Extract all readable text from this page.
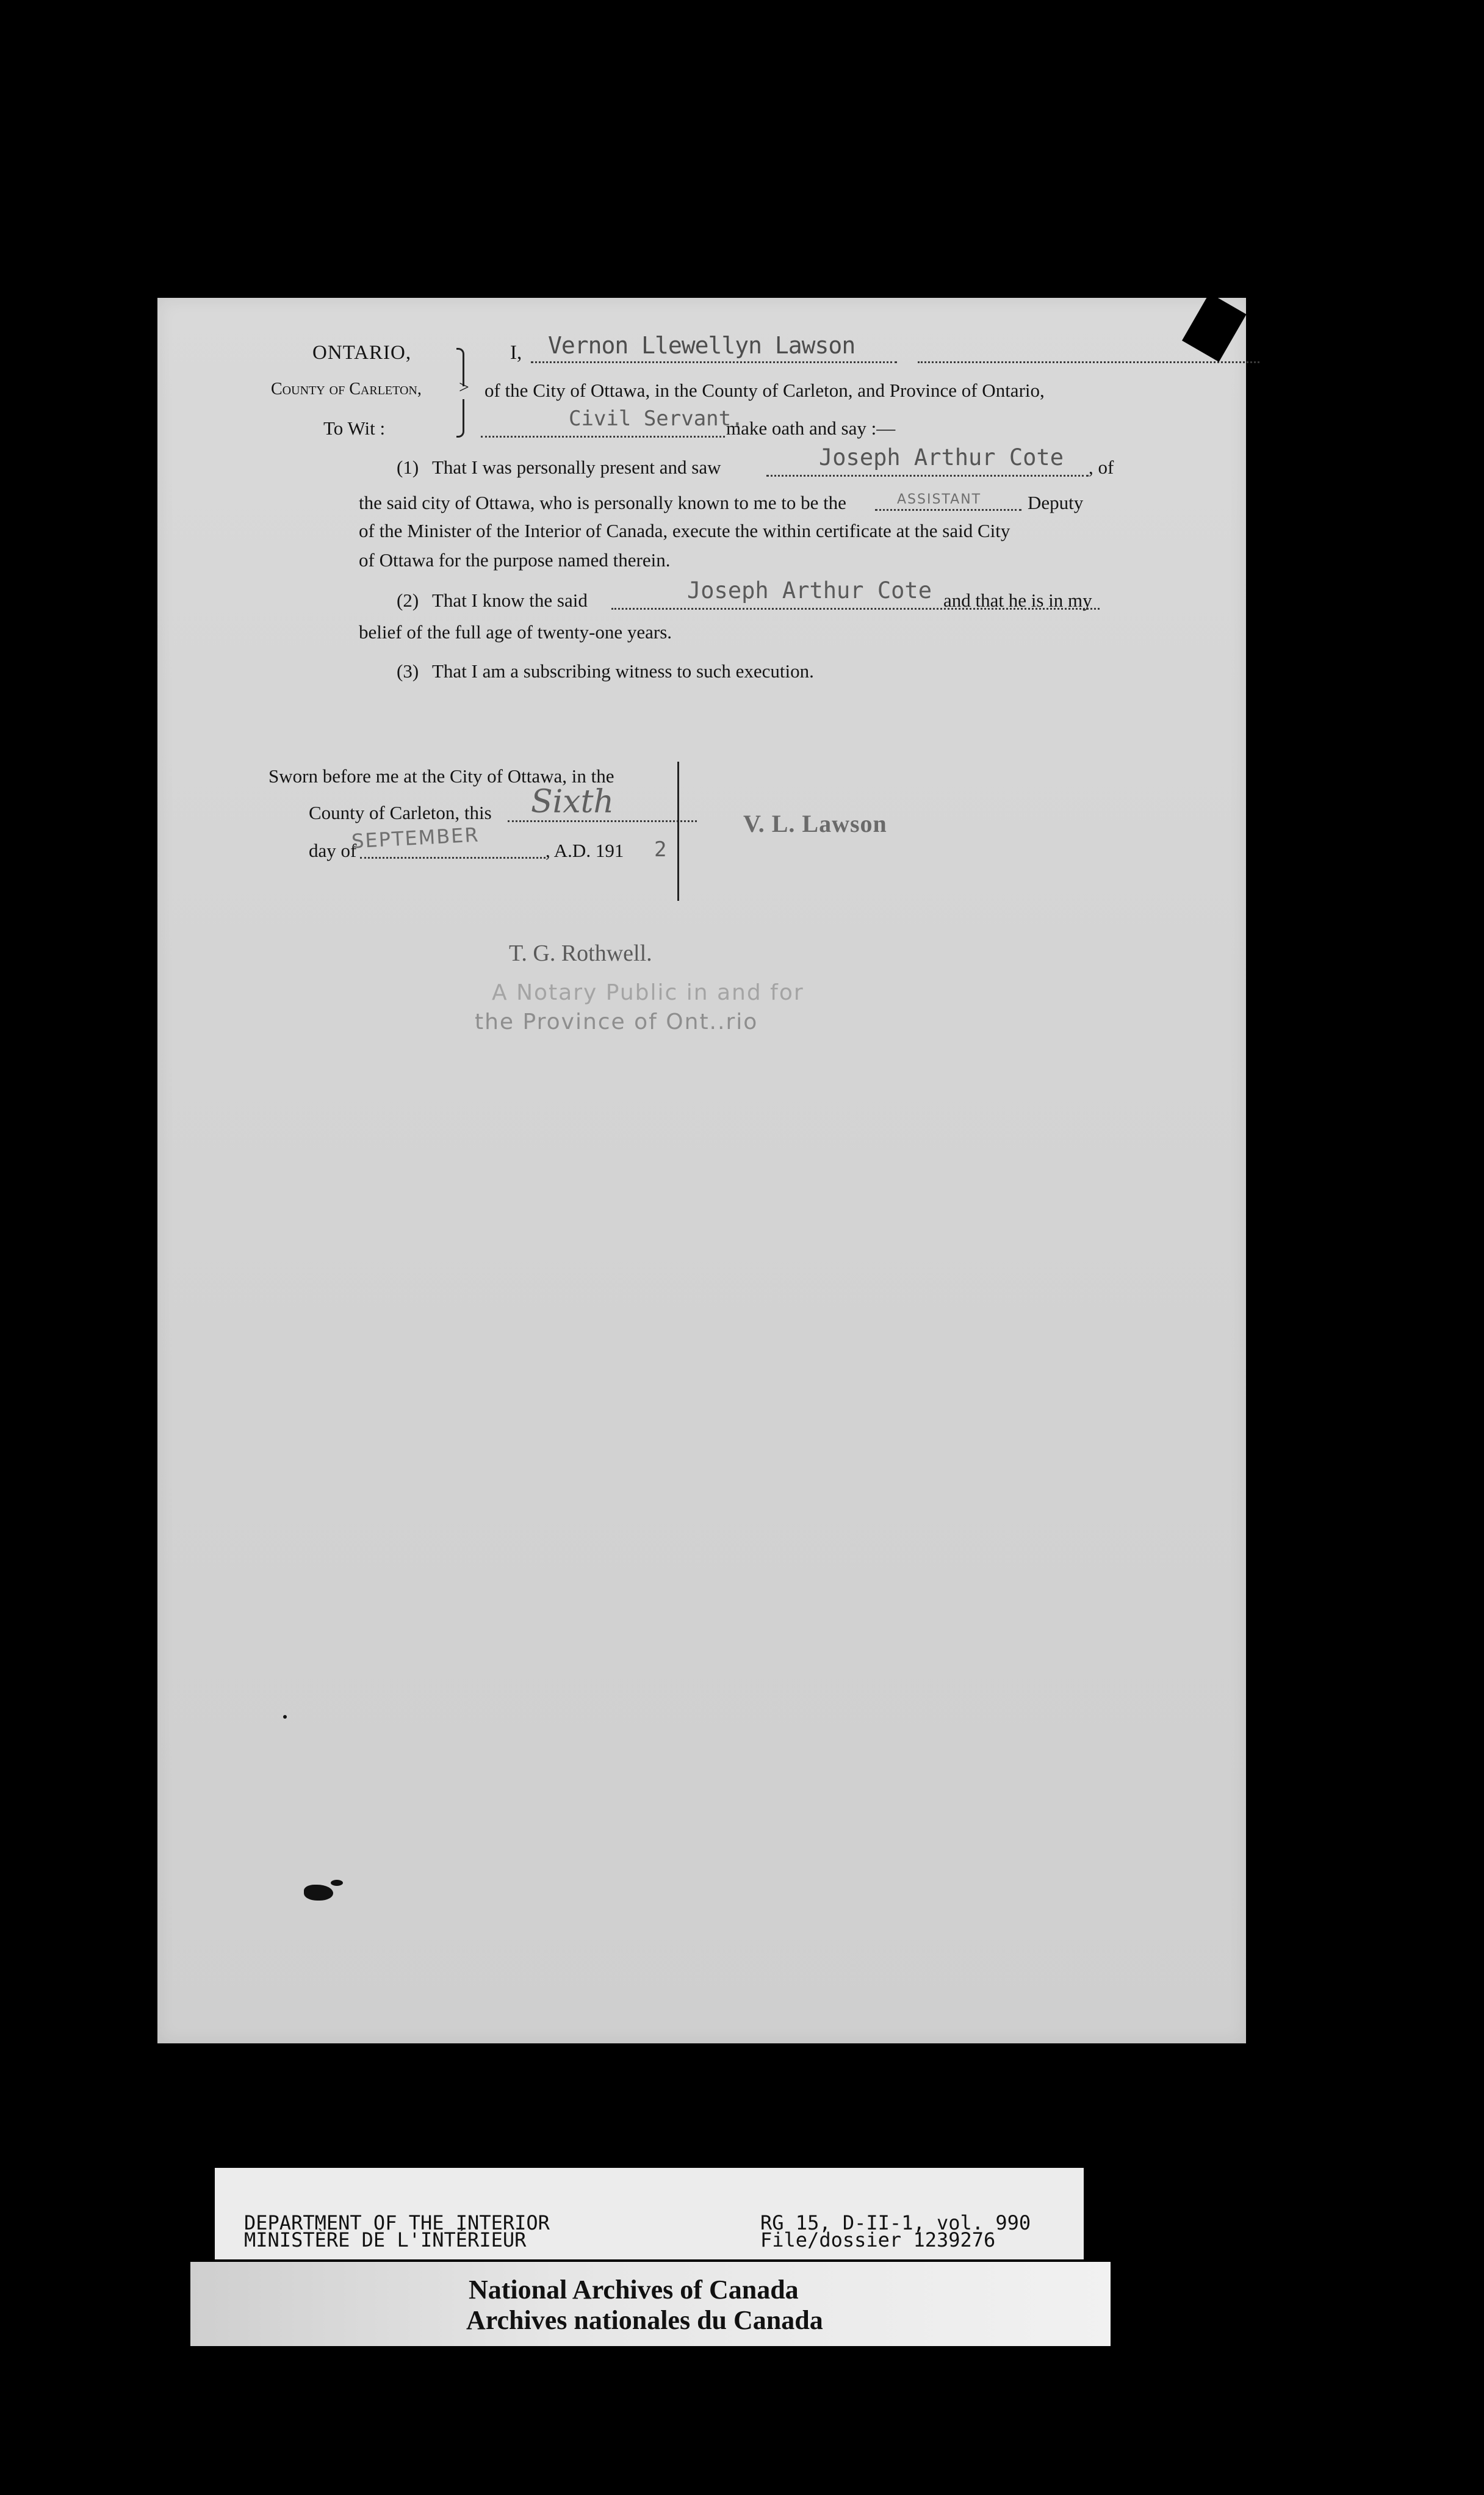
ONTARIO,
County of Carleton,
To Wit :
>
I, Vernon Llewellyn Lawson
of the City of Ottawa, in the County of Carleton, and Province of Ontario,
Civil Servant.
make oath and say :—
(1) That I was personally present and saw	Joseph Arthur Cote , of
the said city of Ottawa, who is personally known to me to be the	ASSISTANT Deputy
of the Minister of the Interior of Canada, execute the within certificate at the said City
of Ottawa for the purpose named therein.
(2) That I know the said	Joseph Arthur Cote and that he is in my
belief of the full age of twenty-one years.
(3) That I am a subscribing witness to such execution.
Sworn before me at the City of Ottawa, in the
County of Carleton, this Sixth
day of
SEPTEMBER	, A.D. 191 2
V. L. Lawson
T. G. Rothwell.
A Notary Public in and for
the Province of Ont..rio
DEPARTMENT OF THE INTERIOR
MINISTÈRE DE L'INTÉRIEUR
RG 15, D-II-1, vol. 990
File/dossier 1239276
National Archives of Canada
Archives nationales du Canada
